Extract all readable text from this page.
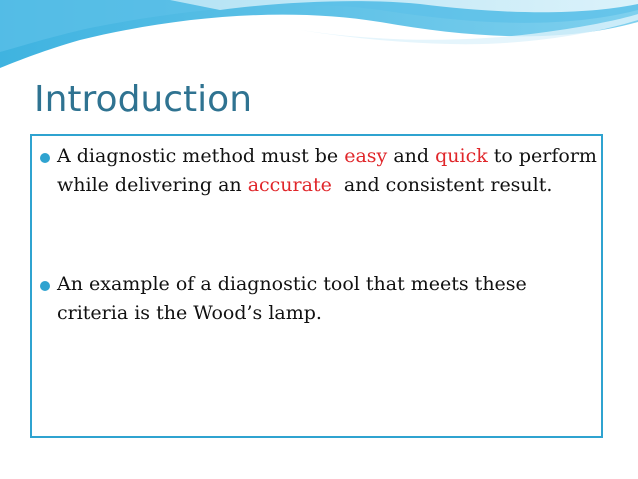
Introduction

A diagnostic method must be easy and quick to perform while delivering an accurate  and consistent result.

An example of a diagnostic tool that meets these criteria is the Wood’s lamp.
